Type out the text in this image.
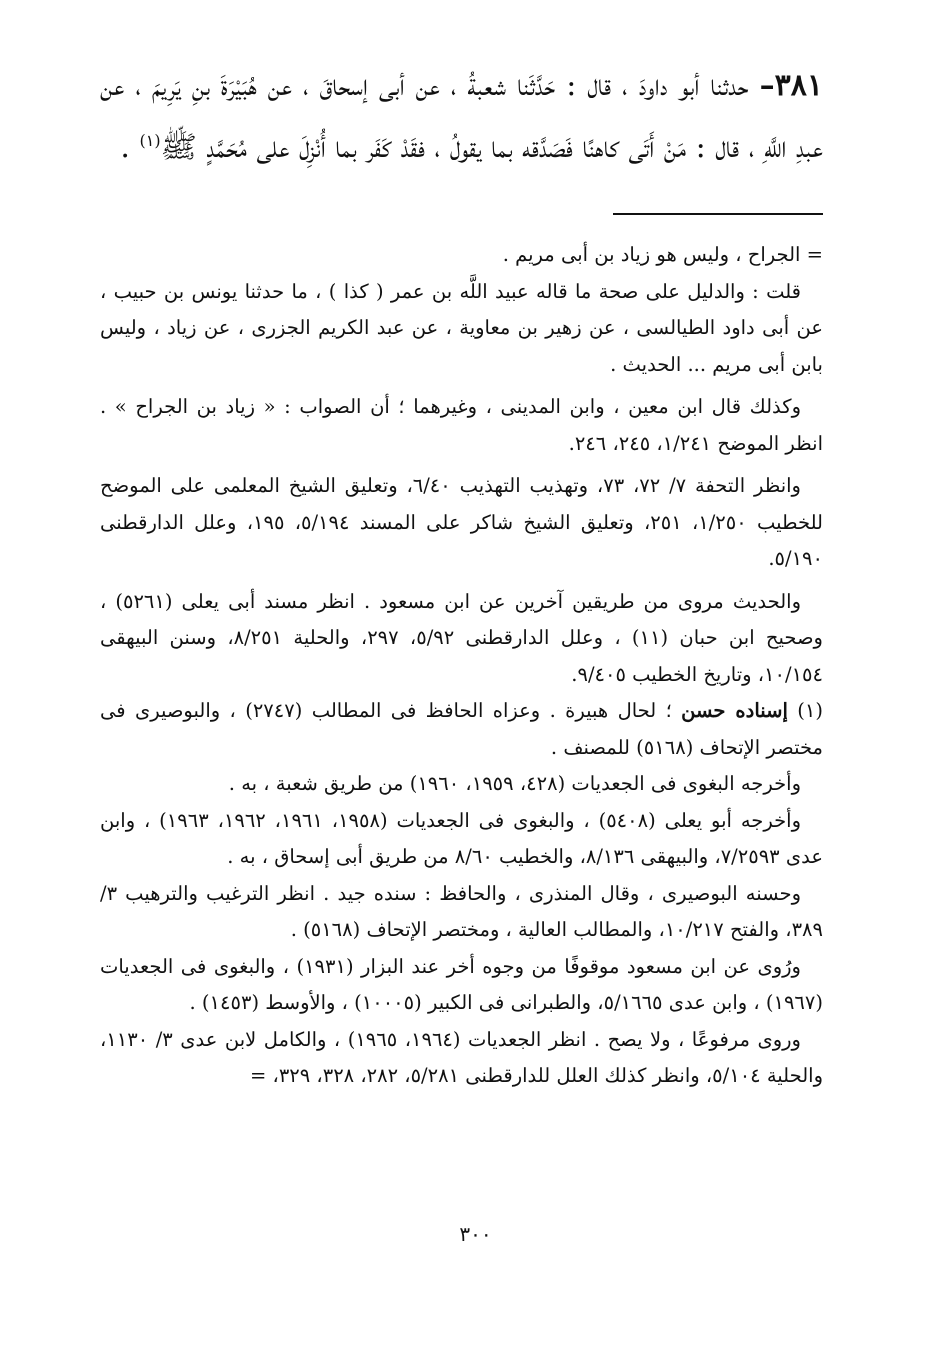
٣٨١– حدثنا أبو داودَ ، قال : حَدَّثَنا شعبةُ ، عن أبى إسحاقَ ، عن هُبَيْرَةَ بنِ يَرِيمَ ، عن عبدِ اللَّهِ ، قال : مَنْ أَتَى كاهنًا فَصَدَّقه بما يقولُ ، فقَدْ كَفَر بما أُنْزِلَ على مُحَمَّدٍ ﷺ$^{(١)}$ .

= الجراح ، وليس هو زياد بن أبى مريم .

قلت : والدليل على صحة ما قاله عبيد اللَّه بن عمر ( كذا ) ، ما حدثنا يونس بن حبيب ، عن أبى داود الطيالسى ، عن زهير بن معاوية ، عن عبد الكريم الجزرى ، عن زياد ، وليس بابن أبى مريم ... الحديث .

وكذلك قال ابن معين ، وابن المدينى ، وغيرهما ؛ أن الصواب : « زياد بن الجراح » . انظر الموضح ١/٢٤١، ٢٤٥، ٢٤٦.

وانظر التحفة ٧/ ٧٢، ٧٣، وتهذيب التهذيب ٦/٤٠، وتعليق الشيخ المعلمى على الموضح للخطيب ١/٢٥٠، ٢٥١، وتعليق الشيخ شاكر على المسند ٥/١٩٤، ١٩٥، وعلل الدارقطنى ٥/١٩٠.

والحديث مروى من طريقين آخرين عن ابن مسعود . انظر مسند أبى يعلى (٥٢٦١) ، وصحيح ابن حبان (١١) ، وعلل الدارقطنى ٥/٩٢، ٢٩٧، والحلية ٨/٢٥١، وسنن البيهقى ١٠/١٥٤، وتاريخ الخطيب ٩/٤٠٥.

(١) إسناده حسن ؛ لحال هبيرة . وعزاه الحافظ فى المطالب (٢٧٤٧) ، والبوصيرى فى مختصر الإتحاف (٥١٦٨) للمصنف .

وأخرجه البغوى فى الجعديات (٤٢٨، ١٩٥٩، ١٩٦٠) من طريق شعبة ، به .

وأخرجه أبو يعلى (٥٤٠٨) ، والبغوى فى الجعديات (١٩٥٨، ١٩٦١، ١٩٦٢، ١٩٦٣) ، وابن عدى ٧/٢٥٩٣، والبيهقى ٨/١٣٦، والخطيب ٨/٦٠ من طريق أبى إسحاق ، به .

وحسنه البوصيرى ، وقال المنذرى ، والحافظ : سنده جيد . انظر الترغيب والترهيب ٣/ ٣٨٩، والفتح ١٠/٢١٧، والمطالب العالية ، ومختصر الإتحاف (٥١٦٨) .

ورُوى عن ابن مسعود موقوفًا من وجوه أخر عند البزار (١٩٣١) ، والبغوى فى الجعديات (١٩٦٧) ، وابن عدى ٥/١٦٦٥، والطبرانى فى الكبير (١٠٠٠٥) ، والأوسط (١٤٥٣) .

وروى مرفوعًا ، ولا يصح . انظر الجعديات (١٩٦٤، ١٩٦٥) ، والكامل لابن عدى ٣/ ١١٣٠، والحلية ٥/١٠٤، وانظر كذلك العلل للدارقطنى ٥/٢٨١، ٢٨٢، ٣٢٨، ٣٢٩، =

٣٠٠
